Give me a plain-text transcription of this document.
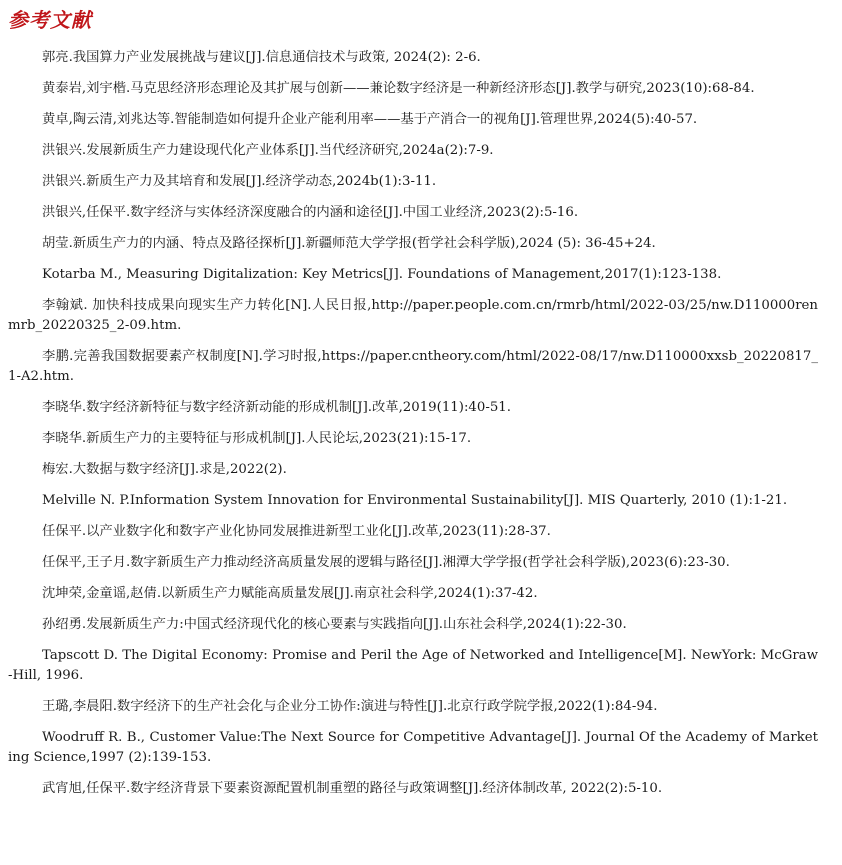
参考文献
郭亮.我国算力产业发展挑战与建议[J].信息通信技术与政策, 2024(2): 2-6.
黄泰岩,刘宇楷.马克思经济形态理论及其扩展与创新——兼论数字经济是一种新经济形态[J].教学与研究,2023(10):68-84.
黄卓,陶云清,刘兆达等.智能制造如何提升企业产能利用率——基于产消合一的视角[J].管理世界,2024(5):40-57.
洪银兴.发展新质生产力建设现代化产业体系[J].当代经济研究,2024a(2):7-9.
洪银兴.新质生产力及其培育和发展[J].经济学动态,2024b(1):3-11.
洪银兴,任保平.数字经济与实体经济深度融合的内涵和途径[J].中国工业经济,2023(2):5-16.
胡莹.新质生产力的内涵、特点及路径探析[J].新疆师范大学学报(哲学社会科学版),2024 (5): 36-45+24.
Kotarba M., Measuring Digitalization: Key Metrics[J]. Foundations of Management,2017(1):123-138.
李翰斌. 加快科技成果向现实生产力转化[N].人民日报,http://paper.people.com.cn/rmrb/html/2022-03/25/nw.D110000renmrb_20220325_2-09.htm.
李鹏.完善我国数据要素产权制度[N].学习时报,https://paper.cntheory.com/html/2022-08/17/nw.D110000xxsb_20220817_1-A2.htm.
李晓华.数字经济新特征与数字经济新动能的形成机制[J].改革,2019(11):40-51.
李晓华.新质生产力的主要特征与形成机制[J].人民论坛,2023(21):15-17.
梅宏.大数据与数字经济[J].求是,2022(2).
Melville N. P.Information System Innovation for Environmental Sustainability[J]. MIS Quarterly, 2010 (1):1-21.
任保平.以产业数字化和数字产业化协同发展推进新型工业化[J].改革,2023(11):28-37.
任保平,王子月.数字新质生产力推动经济高质量发展的逻辑与路径[J].湘潭大学学报(哲学社会科学版),2023(6):23-30.
沈坤荣,金童谣,赵倩.以新质生产力赋能高质量发展[J].南京社会科学,2024(1):37-42.
孙绍勇.发展新质生产力:中国式经济现代化的核心要素与实践指向[J].山东社会科学,2024(1):22-30.
Tapscott D. The Digital Economy: Promise and Peril the Age of Networked and Intelligence[M]. NewYork: McGraw-Hill, 1996.
王璐,李晨阳.数字经济下的生产社会化与企业分工协作:演进与特性[J].北京行政学院学报,2022(1):84-94.
Woodruff R. B., Customer Value:The Next Source for Competitive Advantage[J]. Journal Of the Academy of Marketing Science,1997 (2):139-153.
武宵旭,任保平.数字经济背景下要素资源配置机制重塑的路径与政策调整[J].经济体制改革, 2022(2):5-10.
